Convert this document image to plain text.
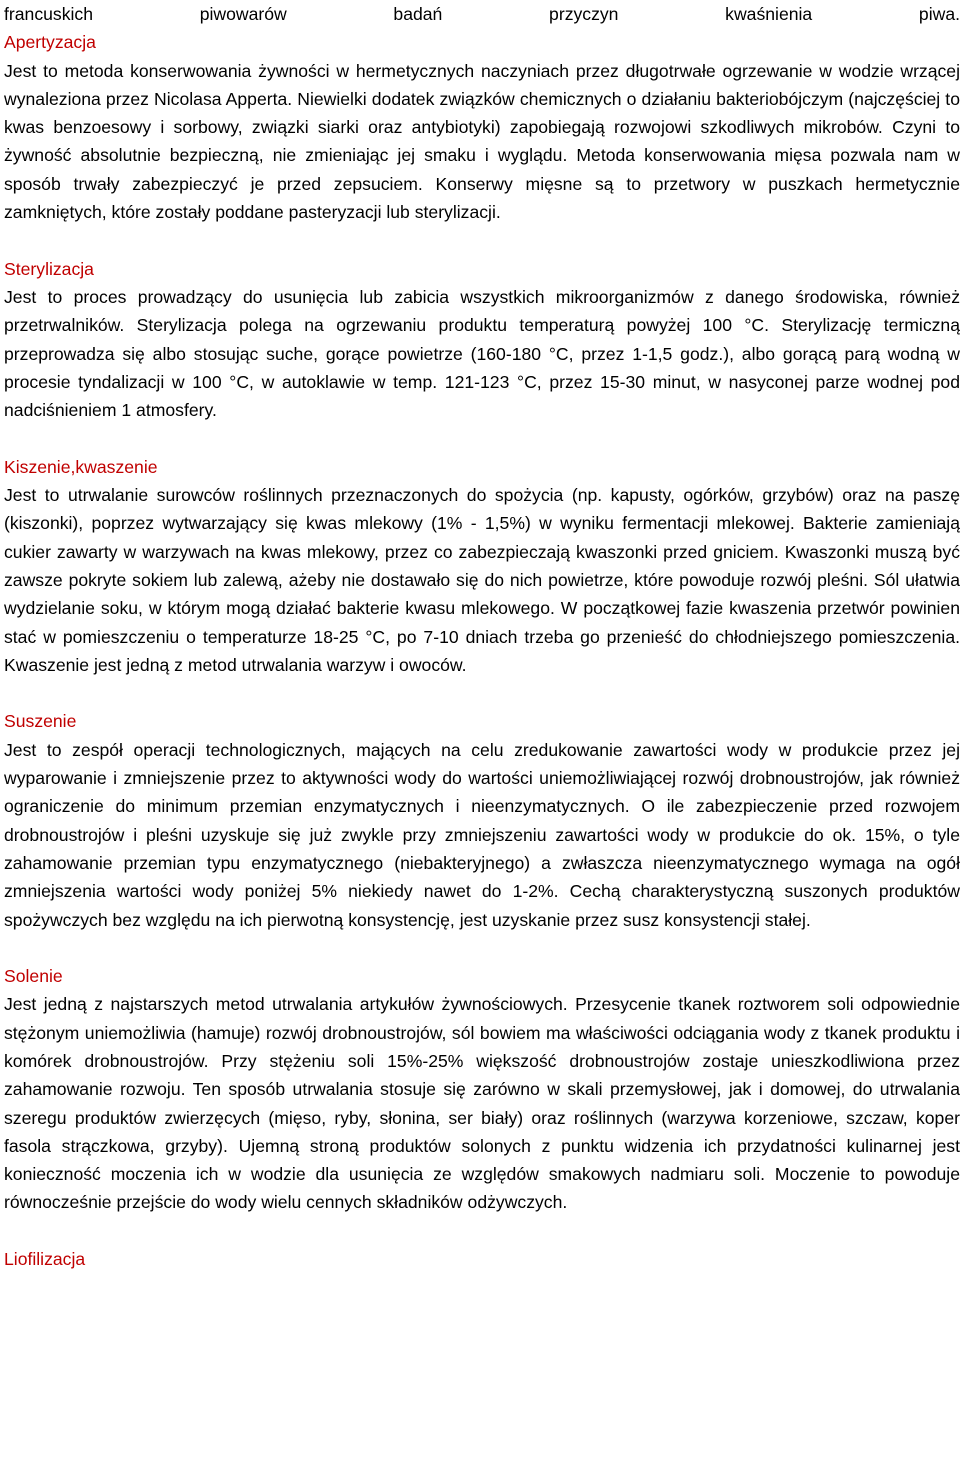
francuskich piwowarów badań przyczyn kwaśnienia piwa.

Apertyzacja

Jest to metoda konserwowania żywności w hermetycznych naczyniach przez długotrwałe ogrzewanie w wodzie wrzącej wynaleziona przez Nicolasa Apperta. Niewielki dodatek związków chemicznych o działaniu bakteriobójczym (najczęściej to kwas benzoesowy i sorbowy, związki siarki oraz antybiotyki) zapobiegają rozwojowi szkodliwych mikrobów. Czyni to żywność absolutnie bezpieczną, nie zmieniając jej smaku i wyglądu. Metoda konserwowania mięsa pozwala nam w sposób trwały zabezpieczyć je przed zepsuciem. Konserwy mięsne są to przetwory w puszkach hermetycznie zamkniętych, które zostały poddane pasteryzacji lub sterylizacji.

Sterylizacja

Jest to proces prowadzący do usunięcia lub zabicia wszystkich mikroorganizmów z danego środowiska, również przetrwalników. Sterylizacja polega na ogrzewaniu produktu temperaturą powyżej 100 °C. Sterylizację termiczną przeprowadza się albo stosując suche, gorące powietrze (160-180 °C, przez 1-1,5 godz.), albo gorącą parą wodną w procesie tyndalizacji w 100 °C, w autoklawie w temp. 121-123 °C, przez 15-30 minut, w nasyconej parze wodnej pod nadciśnieniem 1 atmosfery.

Kiszenie,kwaszenie

Jest to utrwalanie surowców roślinnych przeznaczonych do spożycia (np. kapusty, ogórków, grzybów) oraz na paszę (kiszonki), poprzez wytwarzający się kwas mlekowy (1% - 1,5%) w wyniku fermentacji mlekowej. Bakterie zamieniają cukier zawarty w warzywach na kwas mlekowy, przez co zabezpieczają kwaszonki przed gniciem. Kwaszonki muszą być zawsze pokryte sokiem lub zalewą, ażeby nie dostawało się do nich powietrze, które powoduje rozwój pleśni. Sól ułatwia wydzielanie soku, w którym mogą działać bakterie kwasu mlekowego. W początkowej fazie kwaszenia przetwór powinien stać w pomieszczeniu o temperaturze 18-25 °C, po 7-10 dniach trzeba go przenieść do chłodniejszego pomieszczenia. Kwaszenie jest jedną z metod utrwalania warzyw i owoców.

Suszenie

Jest to zespół operacji technologicznych, mających na celu zredukowanie zawartości wody w produkcie przez jej wyparowanie i zmniejszenie przez to aktywności wody do wartości uniemożliwiającej rozwój drobnoustrojów, jak również ograniczenie do minimum przemian enzymatycznych i nieenzymatycznych. O ile zabezpieczenie przed rozwojem drobnoustrojów i pleśni uzyskuje się już zwykle przy zmniejszeniu zawartości wody w produkcie do ok. 15%, o tyle zahamowanie przemian typu enzymatycznego (niebakteryjnego) a zwłaszcza nieenzymatycznego wymaga na ogół zmniejszenia wartości wody poniżej 5% niekiedy nawet do 1-2%. Cechą charakterystyczną suszonych produktów spożywczych bez względu na ich pierwotną konsystencję, jest uzyskanie przez susz konsystencji stałej.

Solenie

Jest jedną z najstarszych metod utrwalania artykułów żywnościowych. Przesycenie tkanek roztworem soli odpowiednie stężonym uniemożliwia (hamuje) rozwój drobnoustrojów, sól bowiem ma właściwości odciągania wody z tkanek produktu i komórek drobnoustrojów. Przy stężeniu soli 15%-25% większość drobnoustrojów zostaje unieszkodliwiona przez zahamowanie rozwoju. Ten sposób utrwalania stosuje się zarówno w skali przemysłowej, jak i domowej, do utrwalania szeregu produktów zwierzęcych (mięso, ryby, słonina, ser biały) oraz roślinnych (warzywa korzeniowe, szczaw, koper fasola strączkowa, grzyby). Ujemną stroną produktów solonych z punktu widzenia ich przydatności kulinarnej jest konieczność moczenia ich w wodzie dla usunięcia ze względów smakowych nadmiaru soli. Moczenie to powoduje równocześnie przejście do wody wielu cennych składników odżywczych.

Liofilizacja
